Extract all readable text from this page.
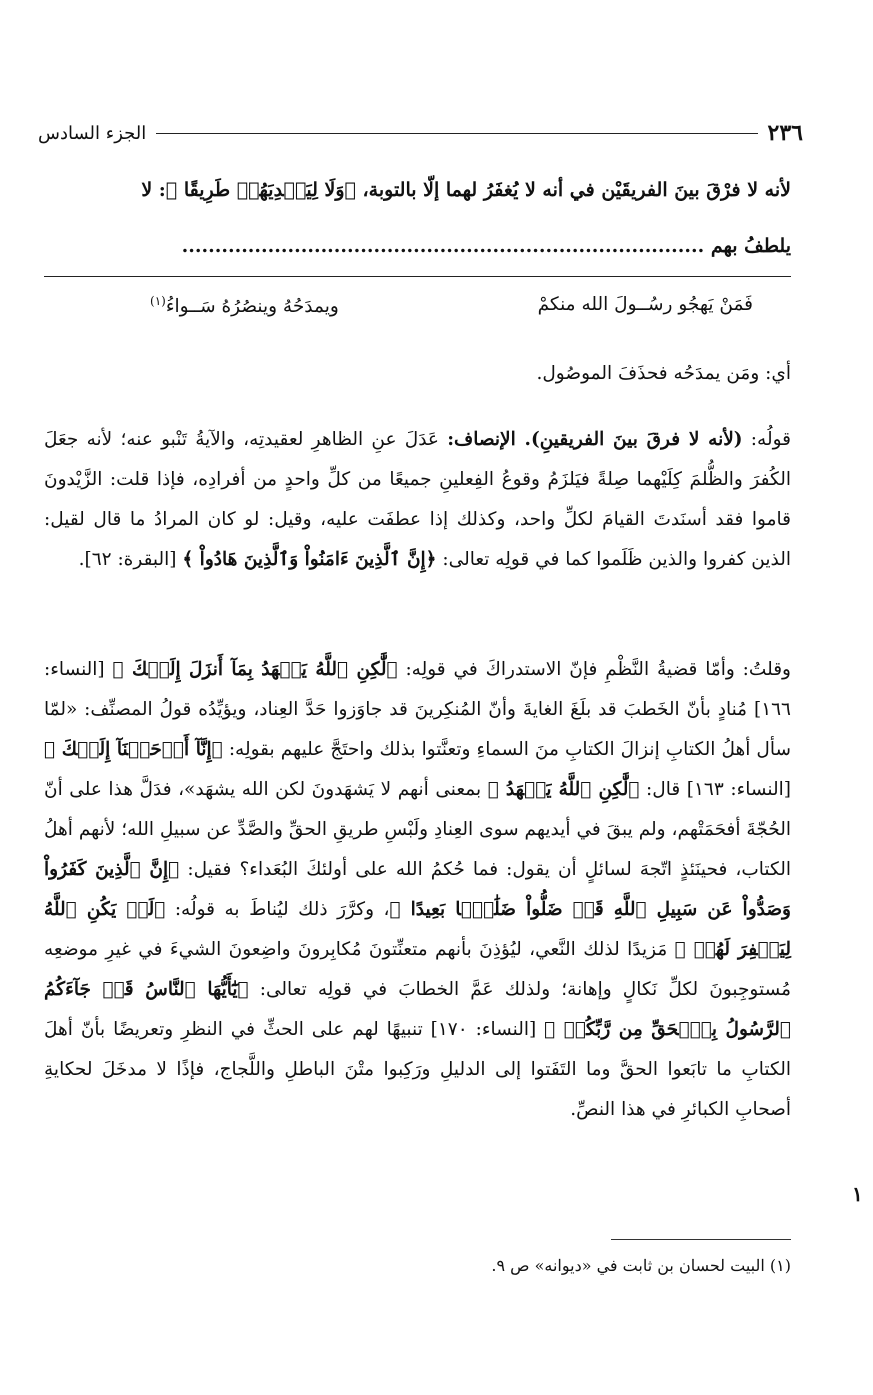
٢٣٦
الجزء السادس
لأنه لا فرْقَ بينَ الفريقَيْن في أنه لا يُغفَرُ لهما إلّا بالتوبة، ﴿وَلَا لِيَهۡدِيَهُمۡ طَرِيقًا ﴾: لا
يلطفُ بهم ...............................................................................
فَمَنْ يَهجُو رسُــولَ الله منكمْ
ويمدَحُهُ وينصُرُهُ سَــواءُ$^{(١)}$
أي: ومَن يمدَحُه فحذَفَ الموصُول.
قولُه: (لأنه لا فرقَ بينَ الفريقينِ). الإنصاف: عَدَلَ عنِ الظاهرِ لعقيدتِه، والآيةُ تَنْبو عنه؛ لأنه جعَلَ الكُفرَ والظُّلمَ كِلَيْهما صِلةً فيَلزَمُ وقوعُ الفِعلينِ جميعًا من كلِّ واحدٍ من أفرادِه، فإذا قلت: الزَّيْدونَ قاموا فقد أسنَدتَ القيامَ لكلِّ واحد، وكذلك إذا عطفَت عليه، وقيل: لو كان المرادُ ما قال لقيل: الذين كفروا والذين ظَلَموا كما في قولِه تعالى: ﴿إِنَّ ٱلَّذِينَ ءَامَنُواْ وَٱلَّذِينَ هَادُواْ ﴾ [البقرة: ٦٢].
وقلتُ: وأمّا قضيةُ النَّظْمِ فإنّ الاستدراكَ في قولِه: ﴿لَّٰكِنِ ٱللَّهُ يَشۡهَدُ بِمَآ أَنزَلَ إِلَيۡكَ ﴾ [النساء: ١٦٦] مُنادٍ بأنّ الخَطبَ قد بلَغَ الغايةَ وأنّ المُنكِرينَ قد جاوَزوا حَدَّ العِناد، ويؤيِّدُه قولُ المصنِّف: «لمّا سأل أهلُ الكتابِ إنزالَ الكتابِ منَ السماءِ وتعنَّتوا بذلك واحتَجَّ عليهم بقولِه: ﴿إِنَّآ أَوۡحَيۡنَآ إِلَيۡكَ ﴾ [النساء: ١٦٣] قال: ﴿لَّٰكِنِ ٱللَّهُ يَشۡهَدُ ﴾ بمعنى أنهم لا يَشهَدونَ لكن الله يشهَد»، فدَلَّ هذا على أنّ الحُجّةَ أفحَمَتْهم، ولم يبقَ في أيديهم سوى العِنادِ ولَبْسِ طريقِ الحقِّ والصَّدِّ عن سبيلِ الله؛ لأنهم أهلُ الكتاب، فحينَئذٍ اتّجهَ لسائلٍ أن يقول: فما حُكمُ الله على أولئكَ البُعَداء؟ فقيل: ﴿إِنَّ ٱلَّذِينَ كَفَرُواْ وَصَدُّواْ عَن سَبِيلِ ٱللَّهِ قَدۡ ضَلُّواْ ضَلَٰلَۢا بَعِيدًا ﴾، وكرَّرَ ذلك ليُناطَ به قولُه: ﴿لَمۡ يَكُنِ ٱللَّهُ لِيَغۡفِرَ لَهُمۡ ﴾ مَزيدًا لذلك النَّعي، ليُؤذِنَ بأنهم متعنِّتونَ مُكابِرونَ واضِعونَ الشيءَ في غيرِ موضعِه مُستوجِبونَ لكلِّ نَكالٍ وإهانة؛ ولذلك عَمَّ الخطابَ في قولِه تعالى: ﴿يَٰٓأَيُّهَا ٱلنَّاسُ قَدۡ جَآءَكُمُ ٱلرَّسُولُ بِٱلۡحَقِّ مِن رَّبِّكُمۡ ﴾ [النساء: ١٧٠] تنبيهًا لهم على الحثِّ في النظرِ وتعريضًا بأنّ أهلَ الكتابِ ما تابَعوا الحقَّ وما التَفَتوا إلى الدليلِ ورَكِبوا متْنَ الباطلِ واللَّجاج، فإذًا لا مدخَلَ لحكايةِ أصحابِ الكبائرِ في هذا النصِّ.
١
(١) البيت لحسان بن ثابت في «ديوانه» ص ٩.
